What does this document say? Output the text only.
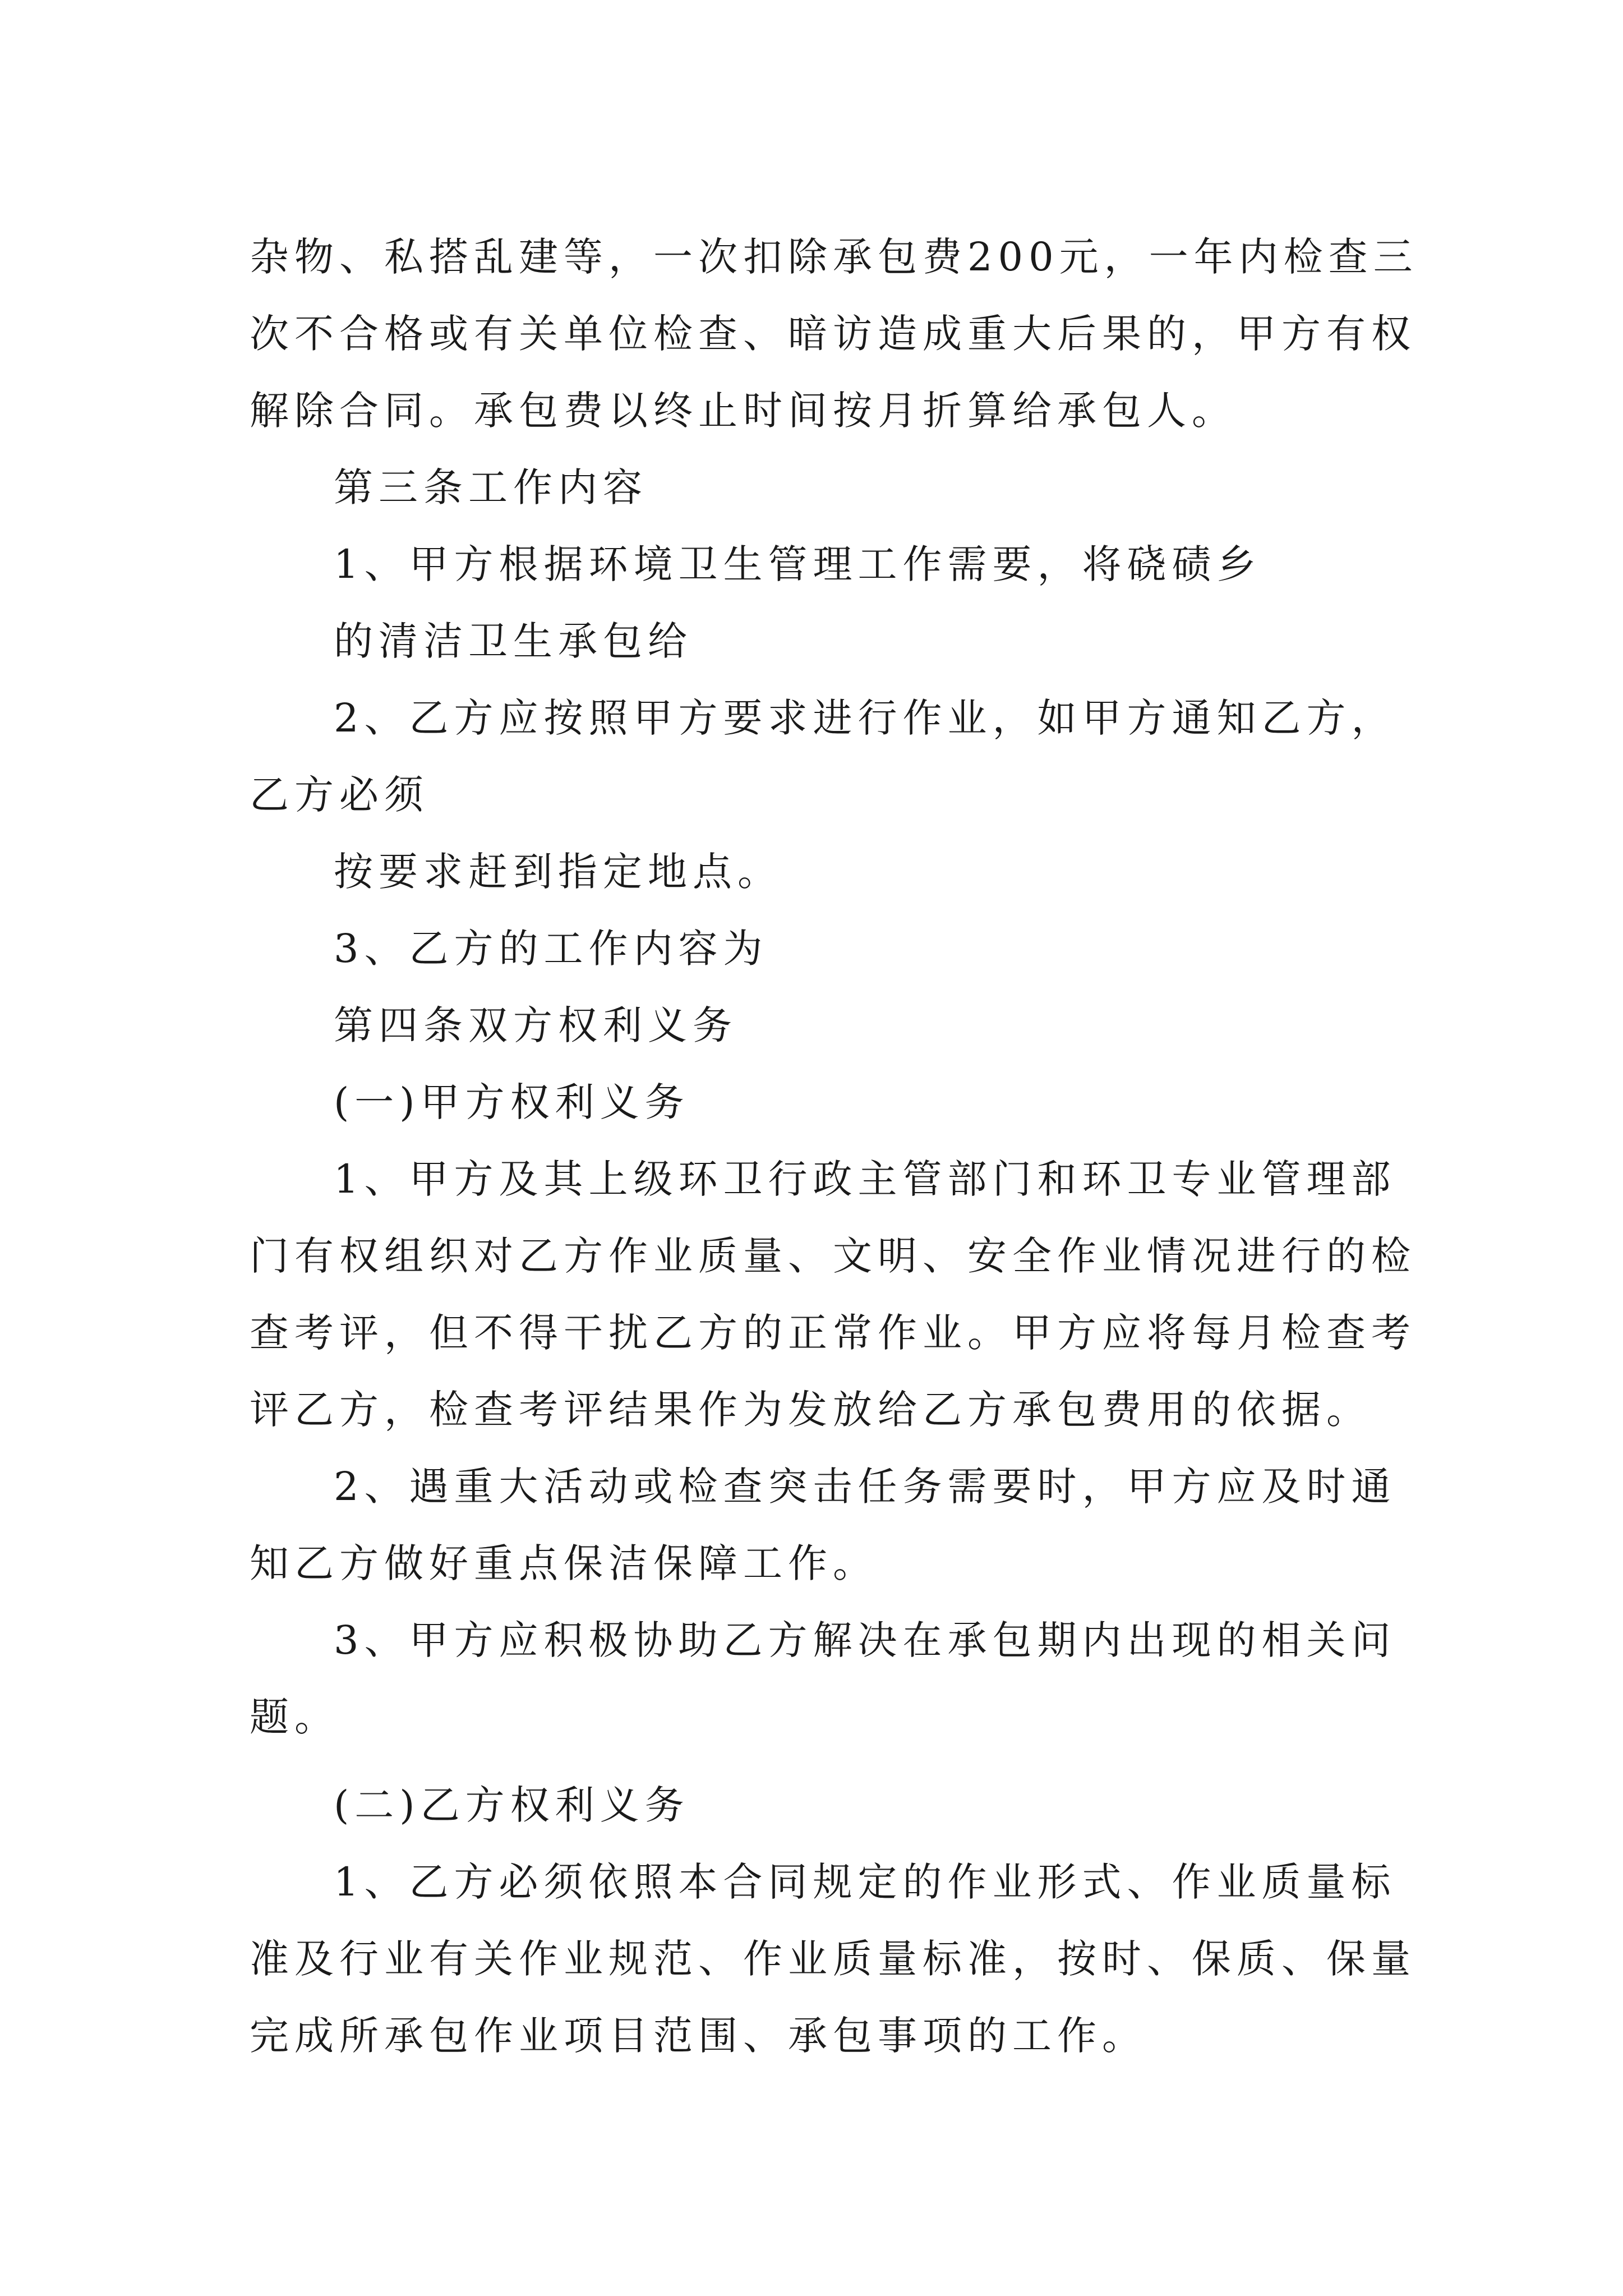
杂物、私搭乱建等，一次扣除承包费200元，一年内检查三
次不合格或有关单位检查、暗访造成重大后果的，甲方有权
解除合同。承包费以终止时间按月折算给承包人。
第三条工作内容
1、甲方根据环境卫生管理工作需要，将硗碛乡
的清洁卫生承包给
2、乙方应按照甲方要求进行作业，如甲方通知乙方，
乙方必须
按要求赶到指定地点。
3、乙方的工作内容为
第四条双方权利义务
(一)甲方权利义务
1、甲方及其上级环卫行政主管部门和环卫专业管理部
门有权组织对乙方作业质量、文明、安全作业情况进行的检
查考评，但不得干扰乙方的正常作业。甲方应将每月检查考
评乙方，检查考评结果作为发放给乙方承包费用的依据。
2、遇重大活动或检查突击任务需要时，甲方应及时通
知乙方做好重点保洁保障工作。
3、甲方应积极协助乙方解决在承包期内出现的相关问
题。
(二)乙方权利义务
1、乙方必须依照本合同规定的作业形式、作业质量标
准及行业有关作业规范、作业质量标准，按时、保质、保量
完成所承包作业项目范围、承包事项的工作。
